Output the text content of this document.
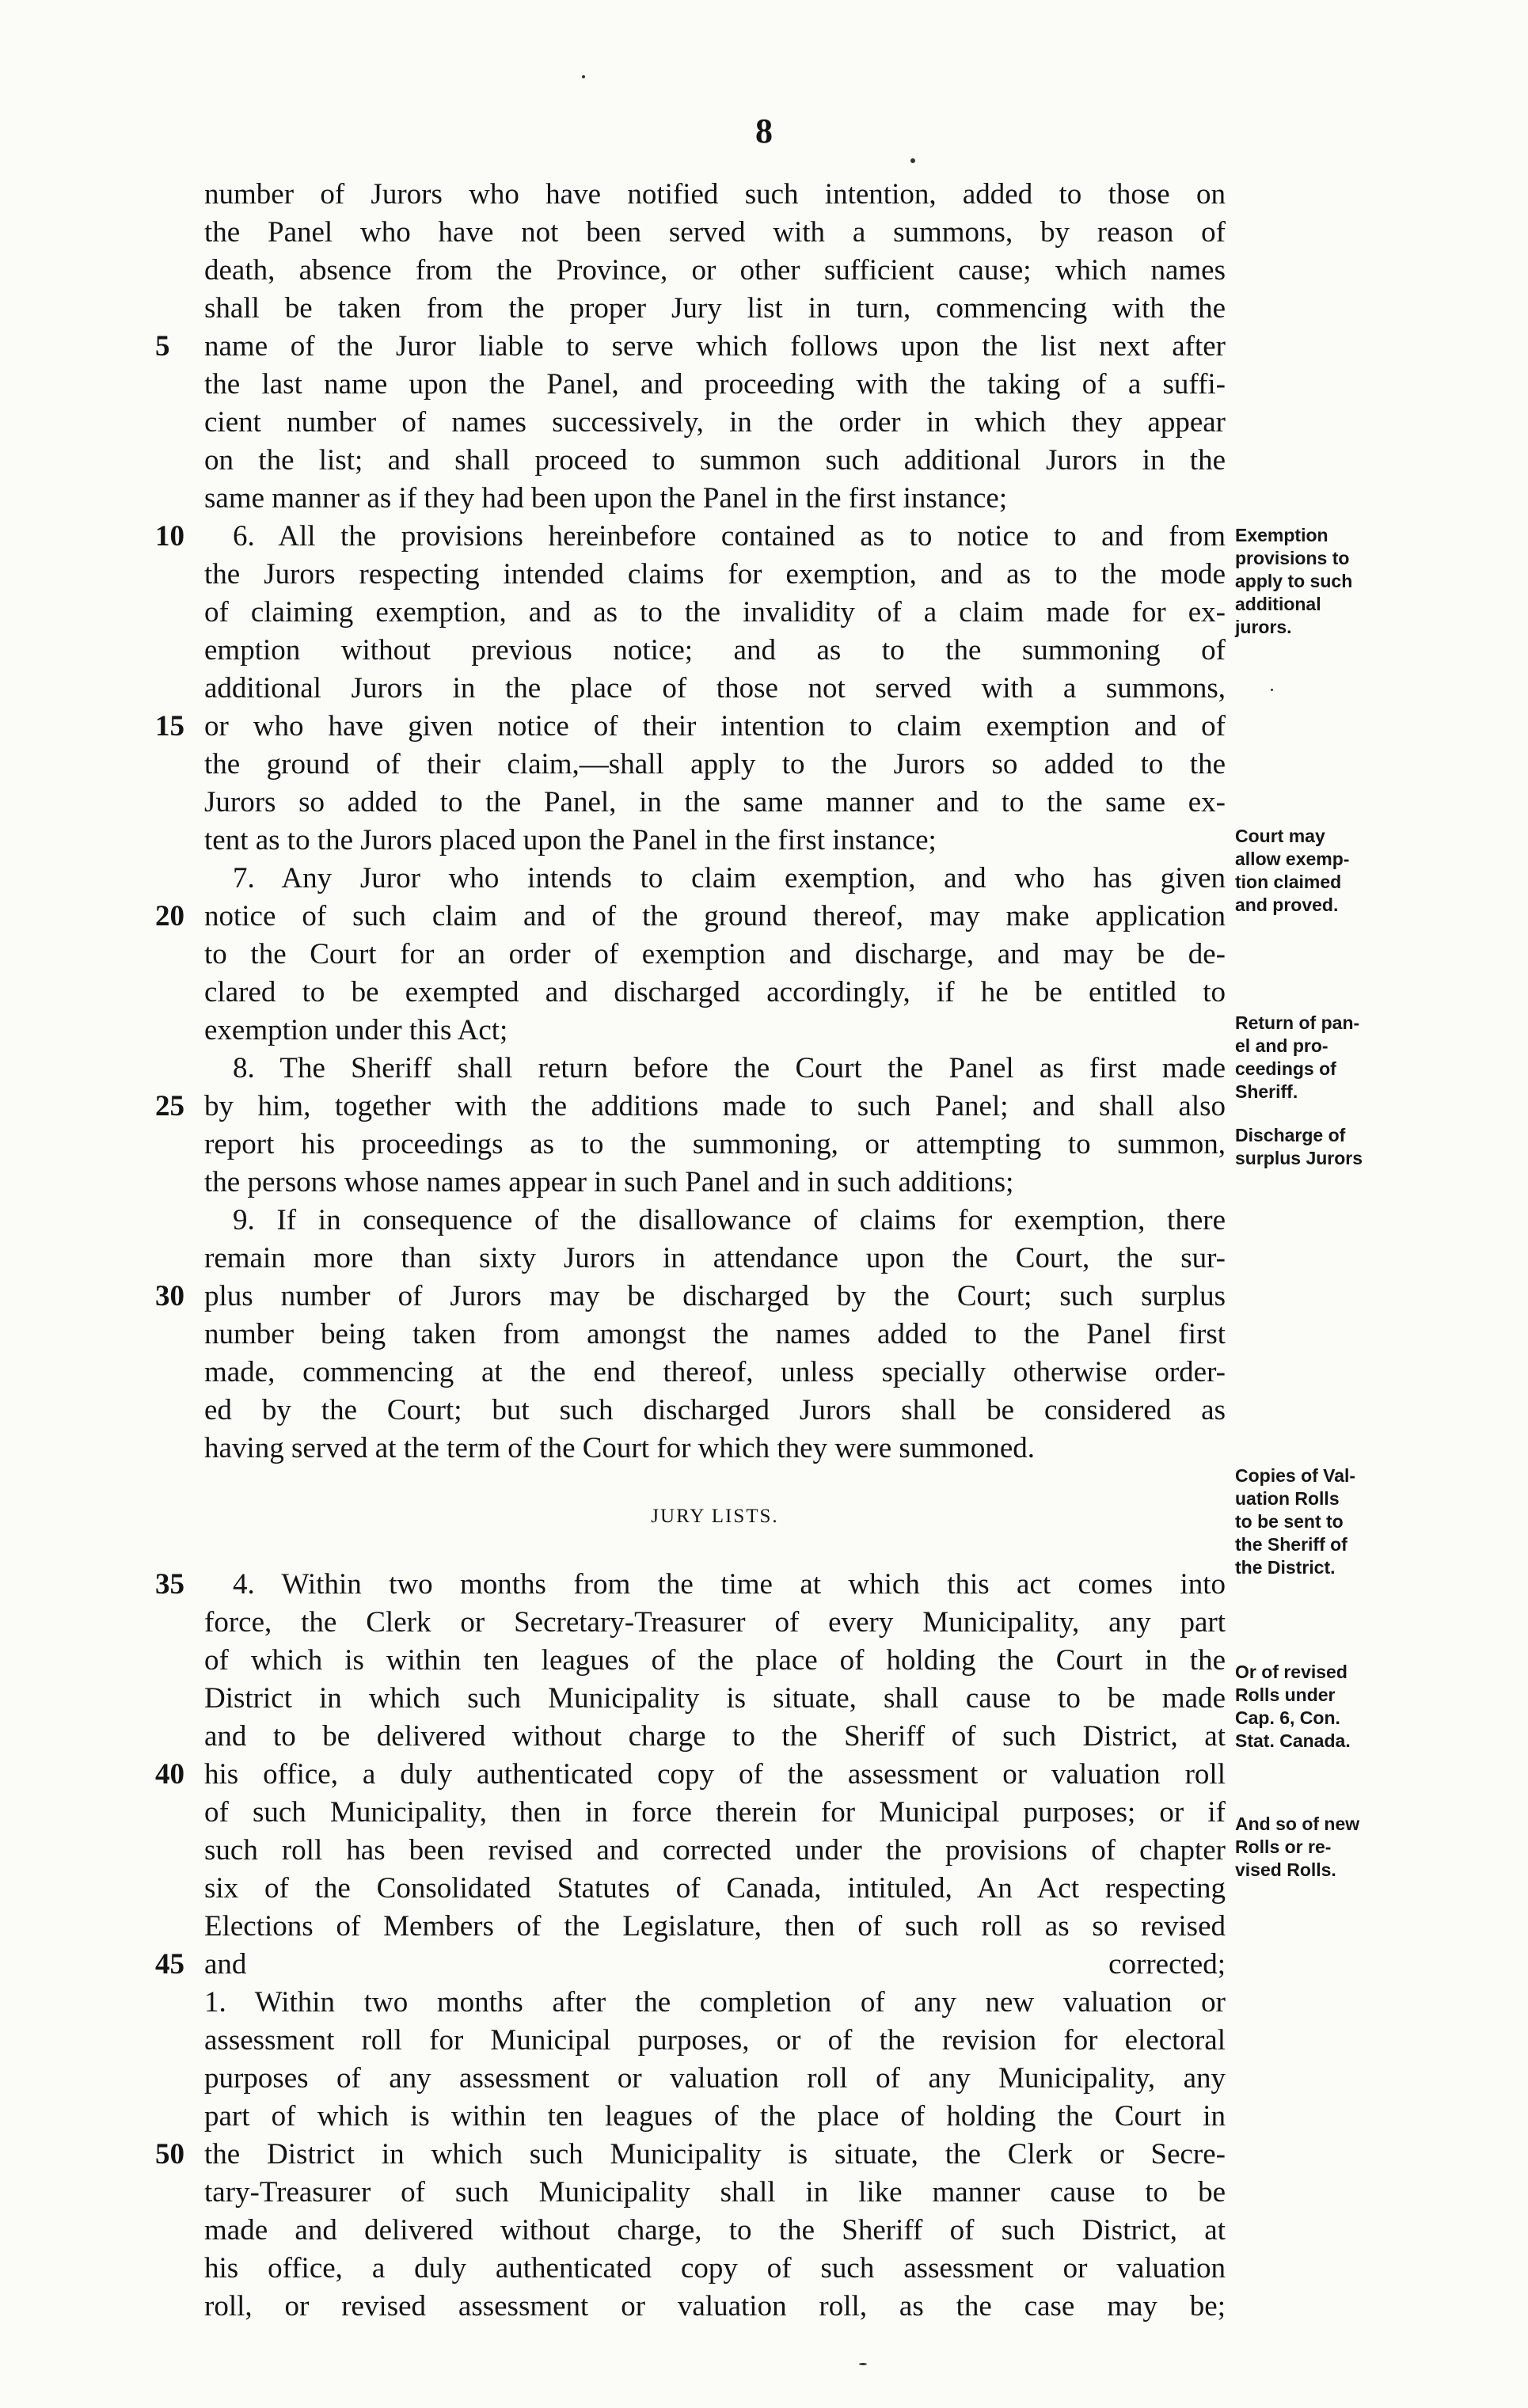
8
number of Jurors who have notified such intention, added to those on
the Panel who have not been served with a summons, by reason of
death, absence from the Province, or other sufficient cause; which names
shall be taken from the proper Jury list in turn, commencing with the
name of the Juror liable to serve which follows upon the list next after
5
the last name upon the Panel, and proceeding with the taking of a suffi-
cient number of names successively, in the order in which they appear
on the list; and shall proceed to summon such additional Jurors in the
same manner as if they had been upon the Panel in the first instance;
6. All the provisions hereinbefore contained as to notice to and from
10
the Jurors respecting intended claims for exemption, and as to the mode
of claiming exemption, and as to the invalidity of a claim made for ex-
emption without previous notice; and as to the summoning of
additional Jurors in the place of those not served with a summons,
or who have given notice of their intention to claim exemption and of
15
the ground of their claim,—shall apply to the Jurors so added to the
Jurors so added to the Panel, in the same manner and to the same ex-
tent as to the Jurors placed upon the Panel in the first instance;
7. Any Juror who intends to claim exemption, and who has given
notice of such claim and of the ground thereof, may make application
20
to the Court for an order of exemption and discharge, and may be de-
clared to be exempted and discharged accordingly, if he be entitled to
exemption under this Act;
8. The Sheriff shall return before the Court the Panel as first made
by him, together with the additions made to such Panel; and shall also
25
report his proceedings as to the summoning, or attempting to summon,
the persons whose names appear in such Panel and in such additions;
9. If in consequence of the disallowance of claims for exemption, there
remain more than sixty Jurors in attendance upon the Court, the sur-
plus number of Jurors may be discharged by the Court; such surplus
30
number being taken from amongst the names added to the Panel first
made, commencing at the end thereof, unless specially otherwise order-
ed by the Court; but such discharged Jurors shall be considered as
having served at the term of the Court for which they were summoned.
JURY LISTS.
4. Within two months from the time at which this act comes into
35
force, the Clerk or Secretary-Treasurer of every Municipality, any part
of which is within ten leagues of the place of holding the Court in the
District in which such Municipality is situate, shall cause to be made
and to be delivered without charge to the Sheriff of such District, at
his office, a duly authenticated copy of the assessment or valuation roll
40
of such Municipality, then in force therein for Municipal purposes; or if
such roll has been revised and corrected under the provisions of chapter
six of the Consolidated Statutes of Canada, intituled, An Act respecting
Elections of Members of the Legislature, then of such roll as so revised
and corrected;
45
1. Within two months after the completion of any new valuation or
assessment roll for Municipal purposes, or of the revision for electoral
purposes of any assessment or valuation roll of any Municipality, any
part of which is within ten leagues of the place of holding the Court in
the District in which such Municipality is situate, the Clerk or Secre-
50
tary-Treasurer of such Municipality shall in like manner cause to be
made and delivered without charge, to the Sheriff of such District, at
his office, a duly authenticated copy of such assessment or valuation
roll, or revised assessment or valuation roll, as the case may be;
Exemption
provisions to
apply to such
additional
jurors.
Court may
allow exemp-
tion claimed
and proved.
Return of pan-
el and pro-
ceedings of
Sheriff.
Discharge of
surplus Jurors
Copies of Val-
uation Rolls
to be sent to
the Sheriff of
the District.
Or of revised
Rolls under
Cap. 6, Con.
Stat. Canada.
And so of new
Rolls or re-
vised Rolls.
